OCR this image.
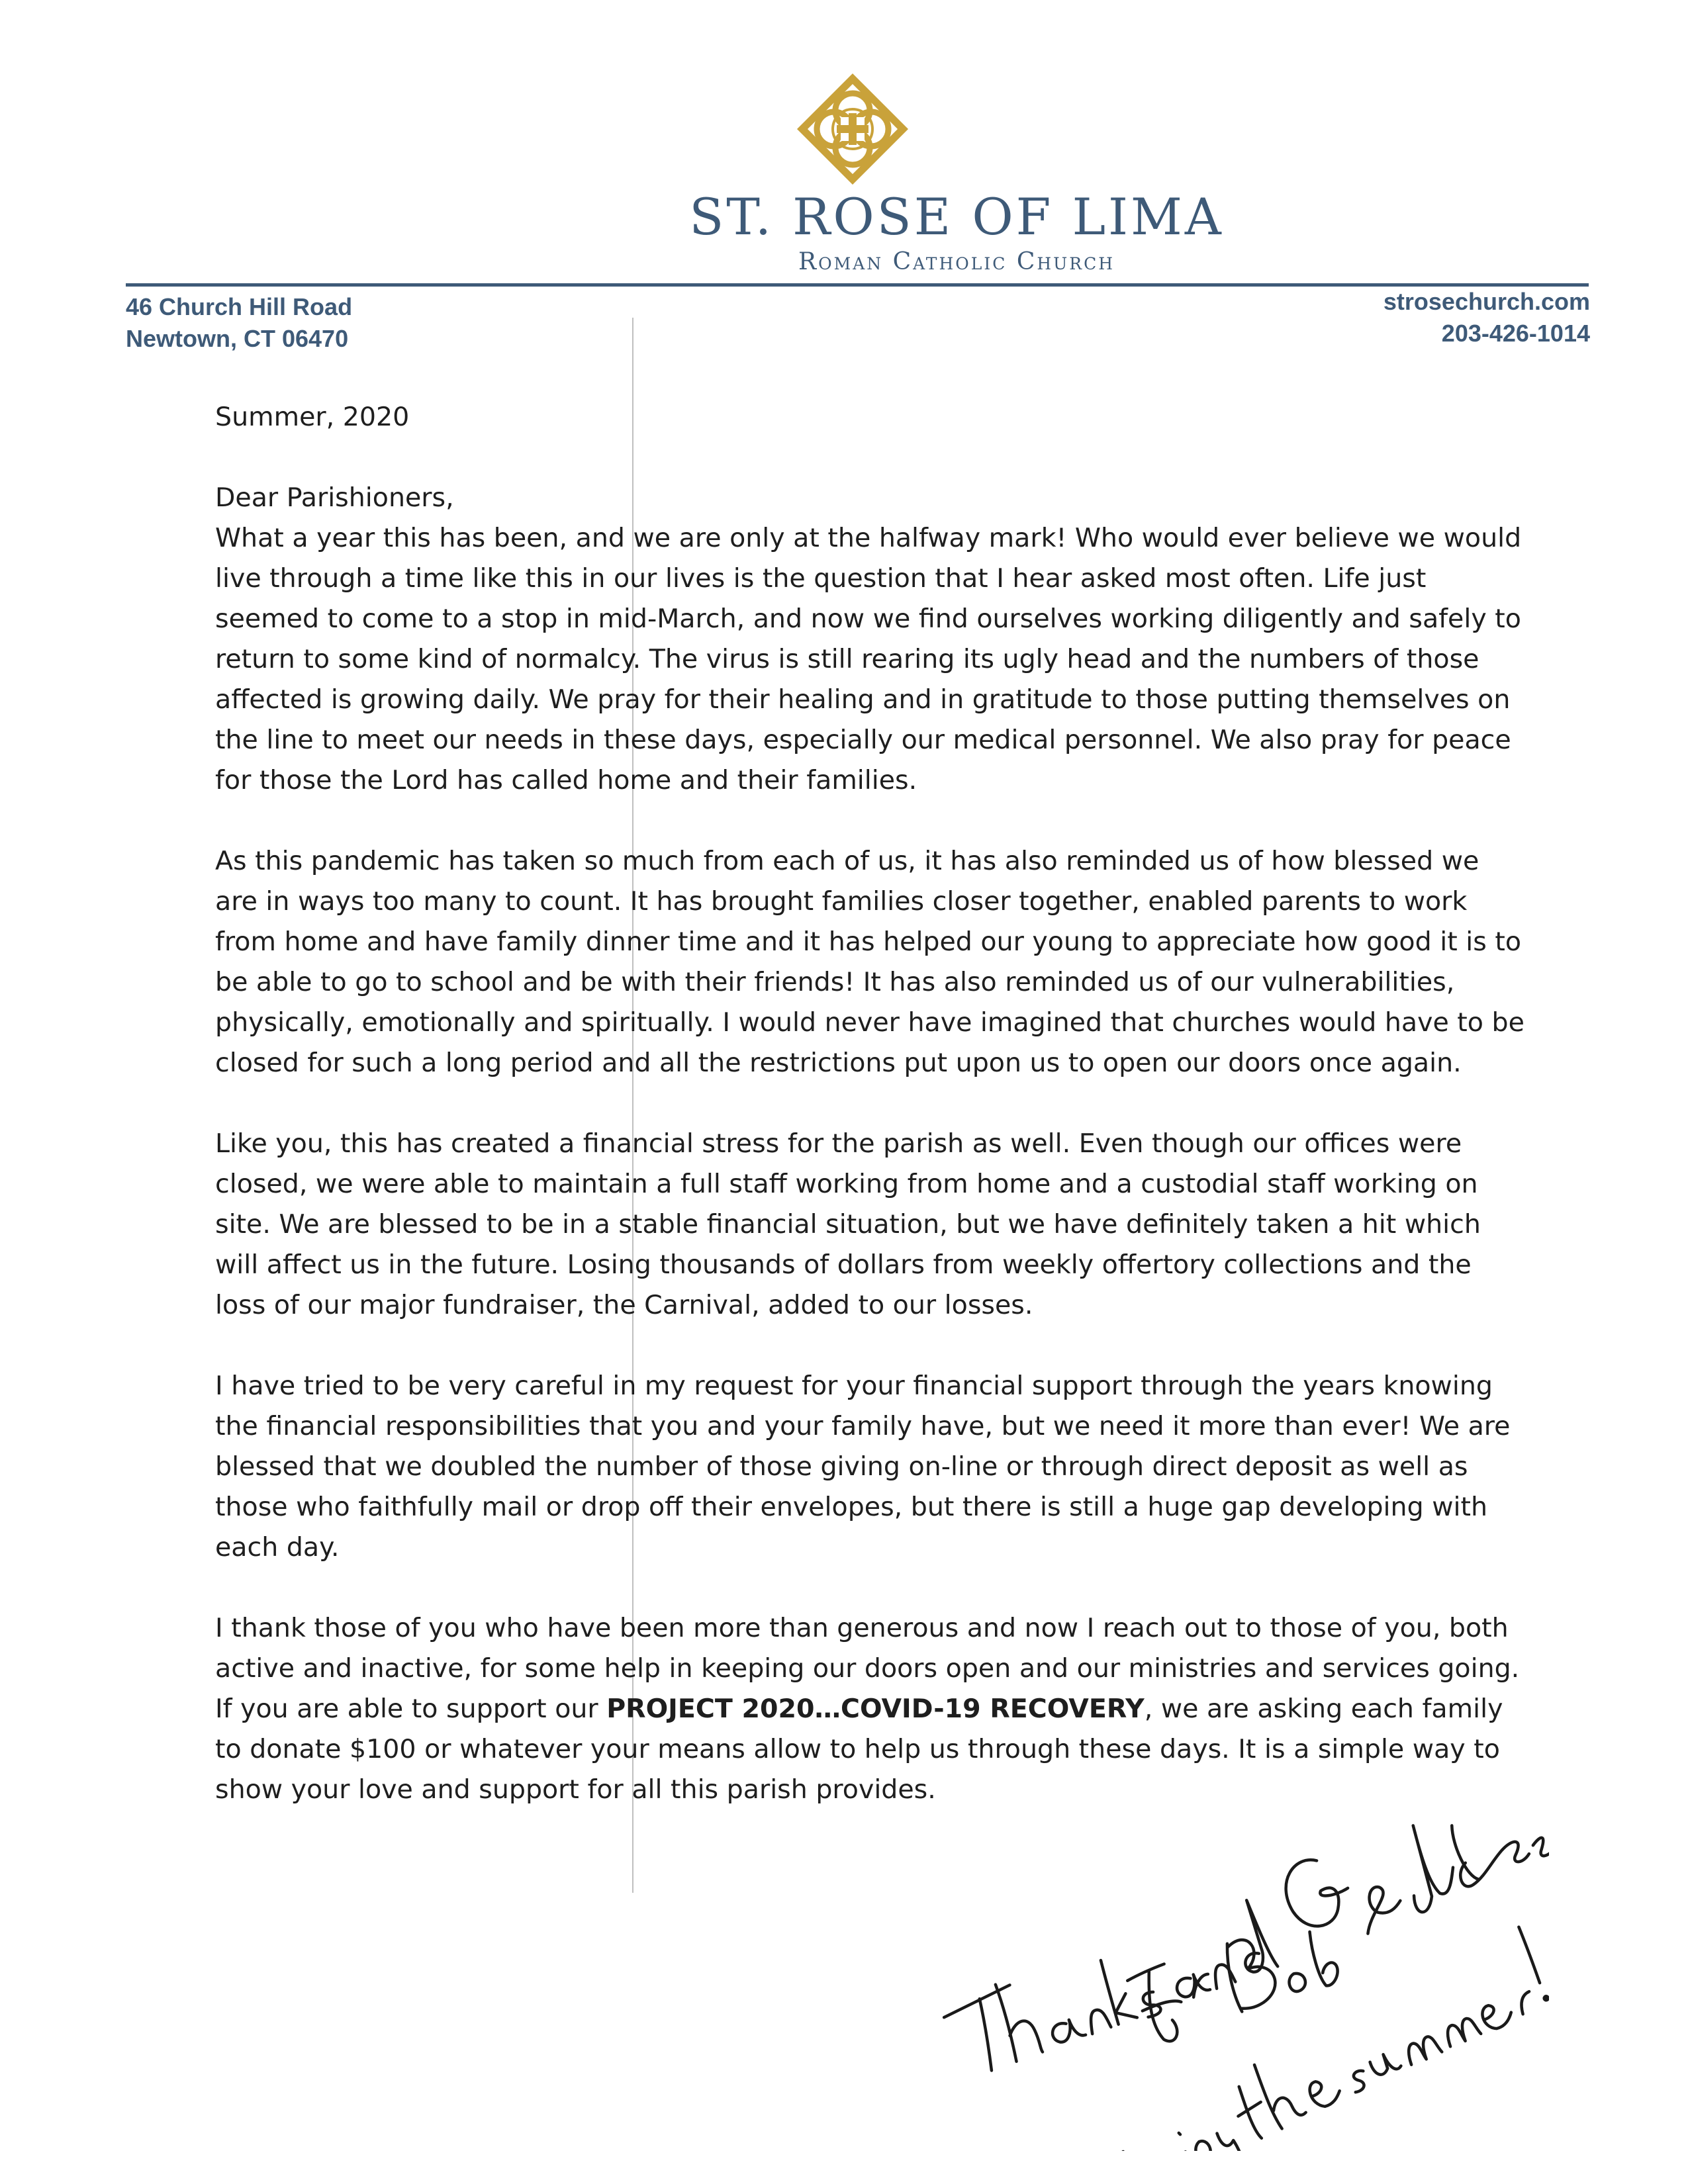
ST. ROSE OF LIMA
Roman Catholic Church
46 Church Hill Road
Newtown, CT 06470
strosechurch.com
203-426-1014

Summer, 2020

Dear Parishioners,

What a year this has been, and we are only at the halfway mark! Who would ever believe we would live through a time like this in our lives is the question that I hear asked most often. Life just seemed to come to a stop in mid-March, and now we find ourselves working diligently and safely to return to some kind of normalcy. The virus is still rearing its ugly head and the numbers of those affected is growing daily. We pray for their healing and in gratitude to those putting themselves on the line to meet our needs in these days, especially our medical personnel. We also pray for peace for those the Lord has called home and their families.

As this pandemic has taken so much from each of us, it has also reminded us of how blessed we are in ways too many to count. It has brought families closer together, enabled parents to work from home and have family dinner time and it has helped our young to appreciate how good it is to be able to go to school and be with their friends! It has also reminded us of our vulnerabilities, physically, emotionally and spiritually. I would never have imagined that churches would have to be closed for such a long period and all the restrictions put upon us to open our doors once again.

Like you, this has created a financial stress for the parish as well. Even though our offices were closed, we were able to maintain a full staff working from home and a custodial staff working on site. We are blessed to be in a stable financial situation, but we have definitely taken a hit which will affect us in the future. Losing thousands of dollars from weekly offertory collections and the loss of our major fundraiser, the Carnival, added to our losses.

I have tried to be very careful in my request for your financial support through the years knowing the financial responsibilities that you and your family have, but we need it more than ever! We are blessed that we doubled the number of those giving on-line or through direct deposit as well as those who faithfully mail or drop off their envelopes, but there is still a huge gap developing with each day.

I thank those of you who have been more than generous and now I reach out to those of you, both active and inactive, for some help in keeping our doors open and our ministries and services going. If you are able to support our PROJECT 2020…COVID-19 RECOVERY, we are asking each family to donate $100 or whatever your means allow to help us through these days. It is a simple way to show your love and support for all this parish provides.
